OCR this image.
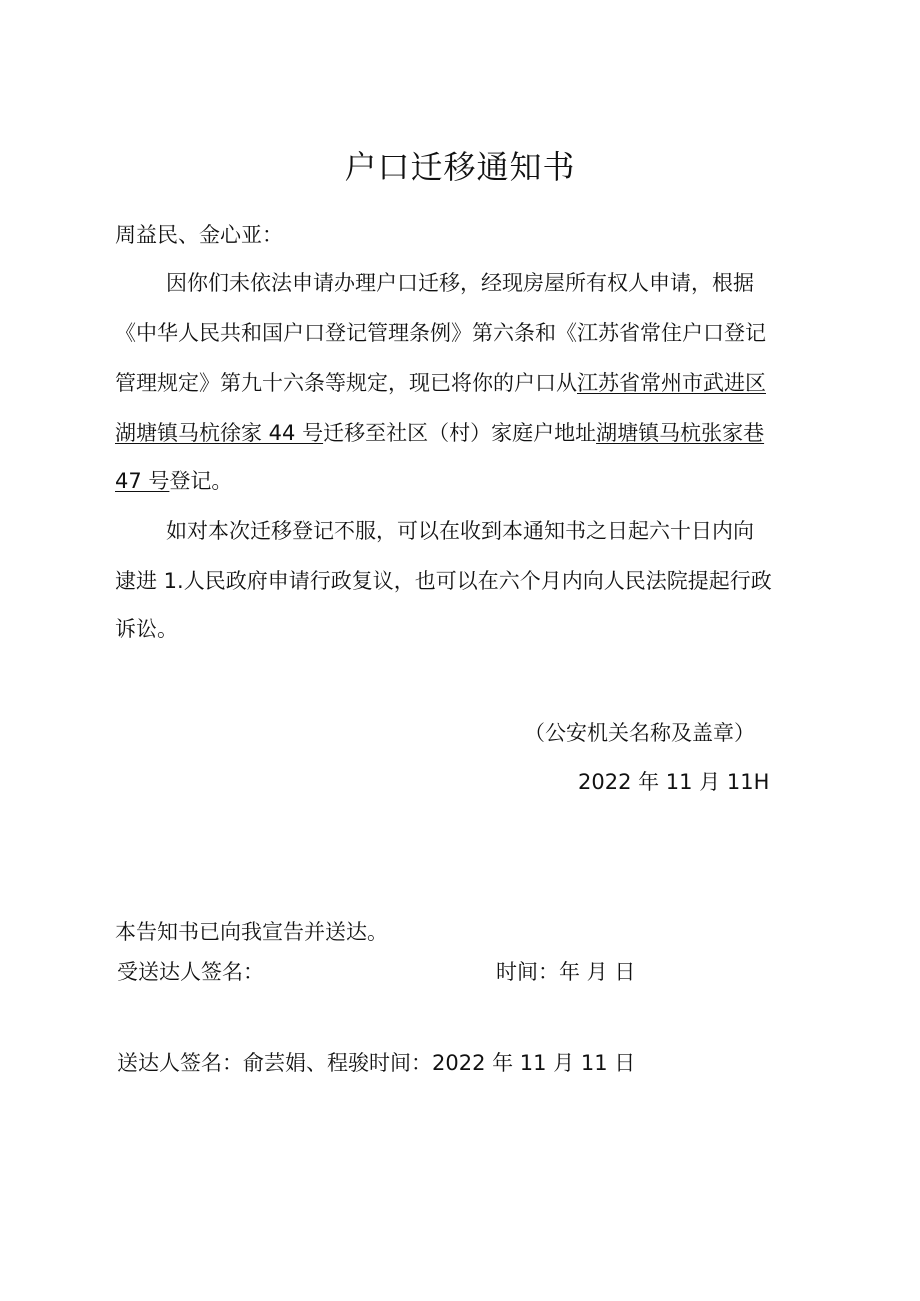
户口迁移通知书
周益民、金心亚：
因你们未依法申请办理户口迁移，经现房屋所有权人申请，根据
《中华人民共和国户口登记管理条例》第六条和《江苏省常住户口登记
管理规定》第九十六条等规定，现已将你的户口从江苏省常州市武进区
湖塘镇马杭徐家 44 号迁移至社区（村）家庭户地址湖塘镇马杭张家巷
47 号登记。
如对本次迁移登记不服，可以在收到本通知书之日起六十日内向
逮进 1.人民政府申请行政复议，也可以在六个月内向人民法院提起行政
诉讼。
（公安机关名称及盖章）
2022 年 11 月 11H
本告知书已向我宣告并送达。
受送达人签名：	时间：年 月 日
送达人签名：俞芸娟、程骏时间：2022 年 11 月 11 日
